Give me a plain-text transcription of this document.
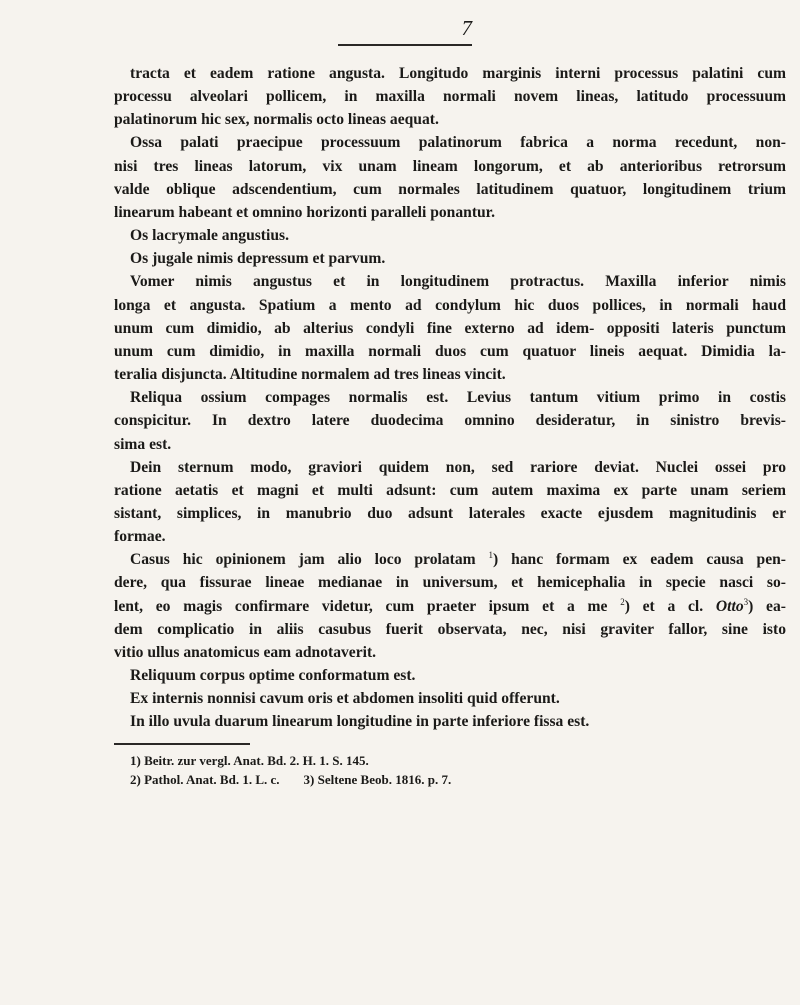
7
tracta et eadem ratione angusta. Longitudo marginis interni processus palatini cum
processu alveolari pollicem, in maxilla normali novem lineas, latitudo processuum
palatinorum hic sex, normalis octo lineas aequat.
Ossa palati praecipue processuum palatinorum fabrica a norma recedunt, non-
nisi tres lineas latorum, vix unam lineam longorum, et ab anterioribus retrorsum
valde oblique adscendentium, cum normales latitudinem quatuor, longitudinem trium
linearum habeant et omnino horizonti paralleli ponantur.
Os lacrymale angustius.
Os jugale nimis depressum et parvum.
Vomer nimis angustus et in longitudinem protractus. Maxilla inferior nimis
longa et angusta. Spatium a mento ad condylum hic duos pollices, in normali haud
unum cum dimidio, ab alterius condyli fine externo ad idem- oppositi lateris punctum
unum cum dimidio, in maxilla normali duos cum quatuor lineis aequat. Dimidia la-
teralia disjuncta. Altitudine normalem ad tres lineas vincit.
Reliqua ossium compages normalis est. Levius tantum vitium primo in costis
conspicitur. In dextro latere duodecima omnino desideratur, in sinistro brevis-
sima est.
Dein sternum modo, graviori quidem non, sed rariore deviat. Nuclei ossei pro
ratione aetatis et magni et multi adsunt: cum autem maxima ex parte unam seriem
sistant, simplices, in manubrio duo adsunt laterales exacte ejusdem magnitudinis er
formae.
Casus hic opinionem jam alio loco prolatam $^1$) hanc formam ex eadem causa pen-
dere, qua fissurae lineae medianae in universum, et hemicephalia in specie nasci so-
lent, eo magis confirmare videtur, cum praeter ipsum et a me $^2$) et a cl. Otto$^3$) ea-
dem complicatio in aliis casubus fuerit observata, nec, nisi graviter fallor, sine isto
vitio ullus anatomicus eam adnotaverit.
Reliquum corpus optime conformatum est.
Ex internis nonnisi cavum oris et abdomen insoliti quid offerunt.
In illo uvula duarum linearum longitudine in parte inferiore fissa est.
1) Beitr. zur vergl. Anat. Bd. 2. H. 1. S. 145.
2) Pathol. Anat. Bd. 1. L. c. 3) Seltene Beob. 1816. p. 7.
